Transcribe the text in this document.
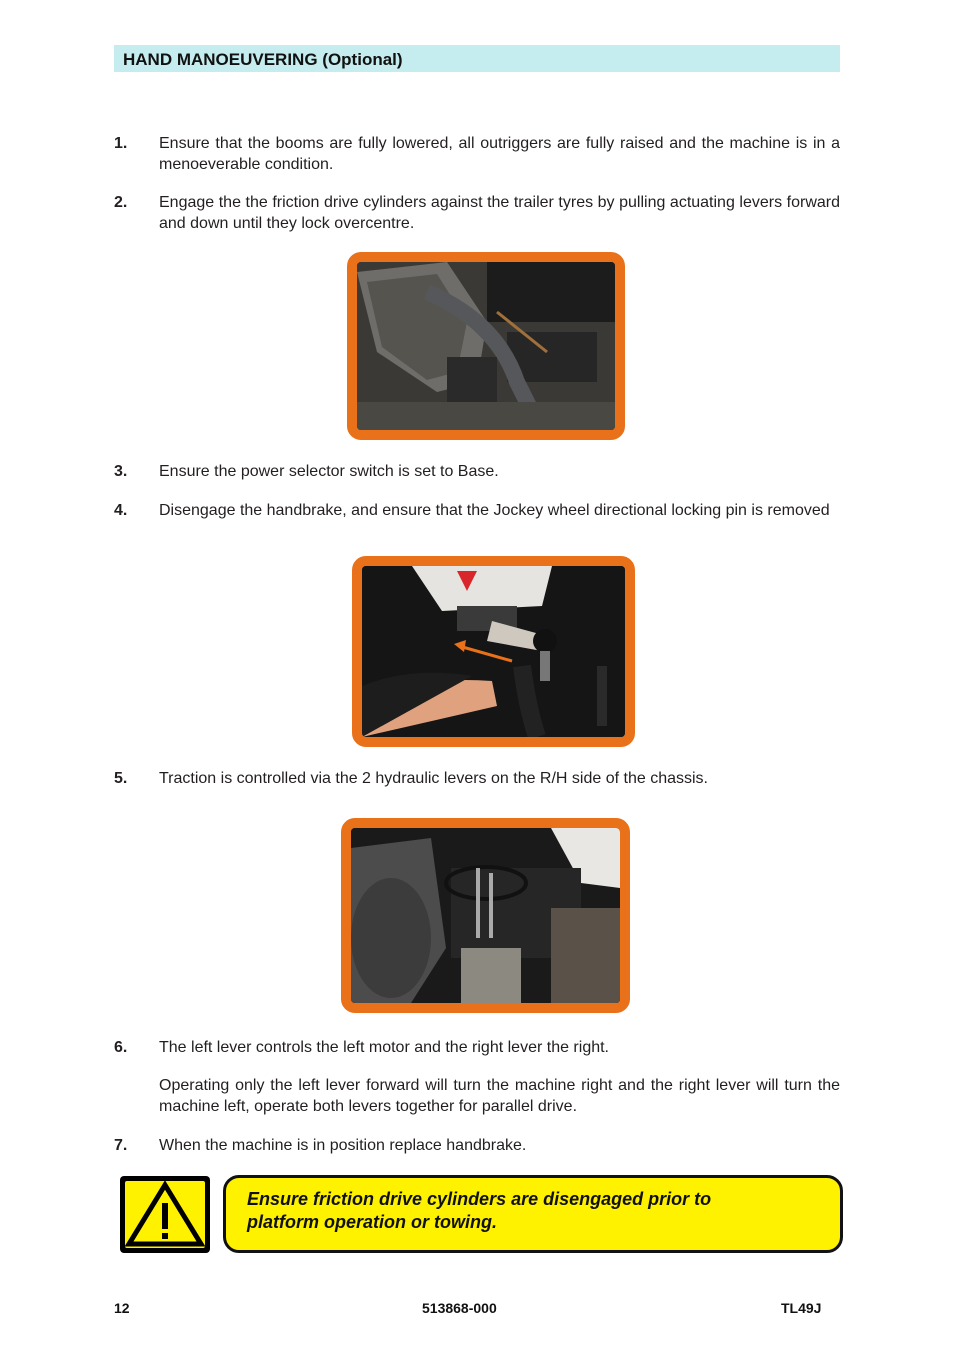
HAND MANOEUVERING (Optional)
1. Ensure that the booms are fully lowered, all outriggers are fully raised and the machine is in a menoeverable condition.
2. Engage the the friction drive cylinders against the trailer tyres by pulling actuating levers forward and down until they lock overcentre.
3. Ensure the power selector switch is set to Base.
4. Disengage the handbrake, and ensure that the Jockey wheel directional locking pin is removed
5. Traction is controlled via the 2 hydraulic levers on the R/H side of the chassis.
6. The left lever controls the left motor and the right lever the right.
Operating only the left lever forward will turn the machine right and the right lever will turn the machine left, operate both levers together for parallel drive.
7. When the machine is in position replace handbrake.
Ensure friction drive cylinders are disengaged prior to
platform operation or towing.
12	513868-000	TL49J
